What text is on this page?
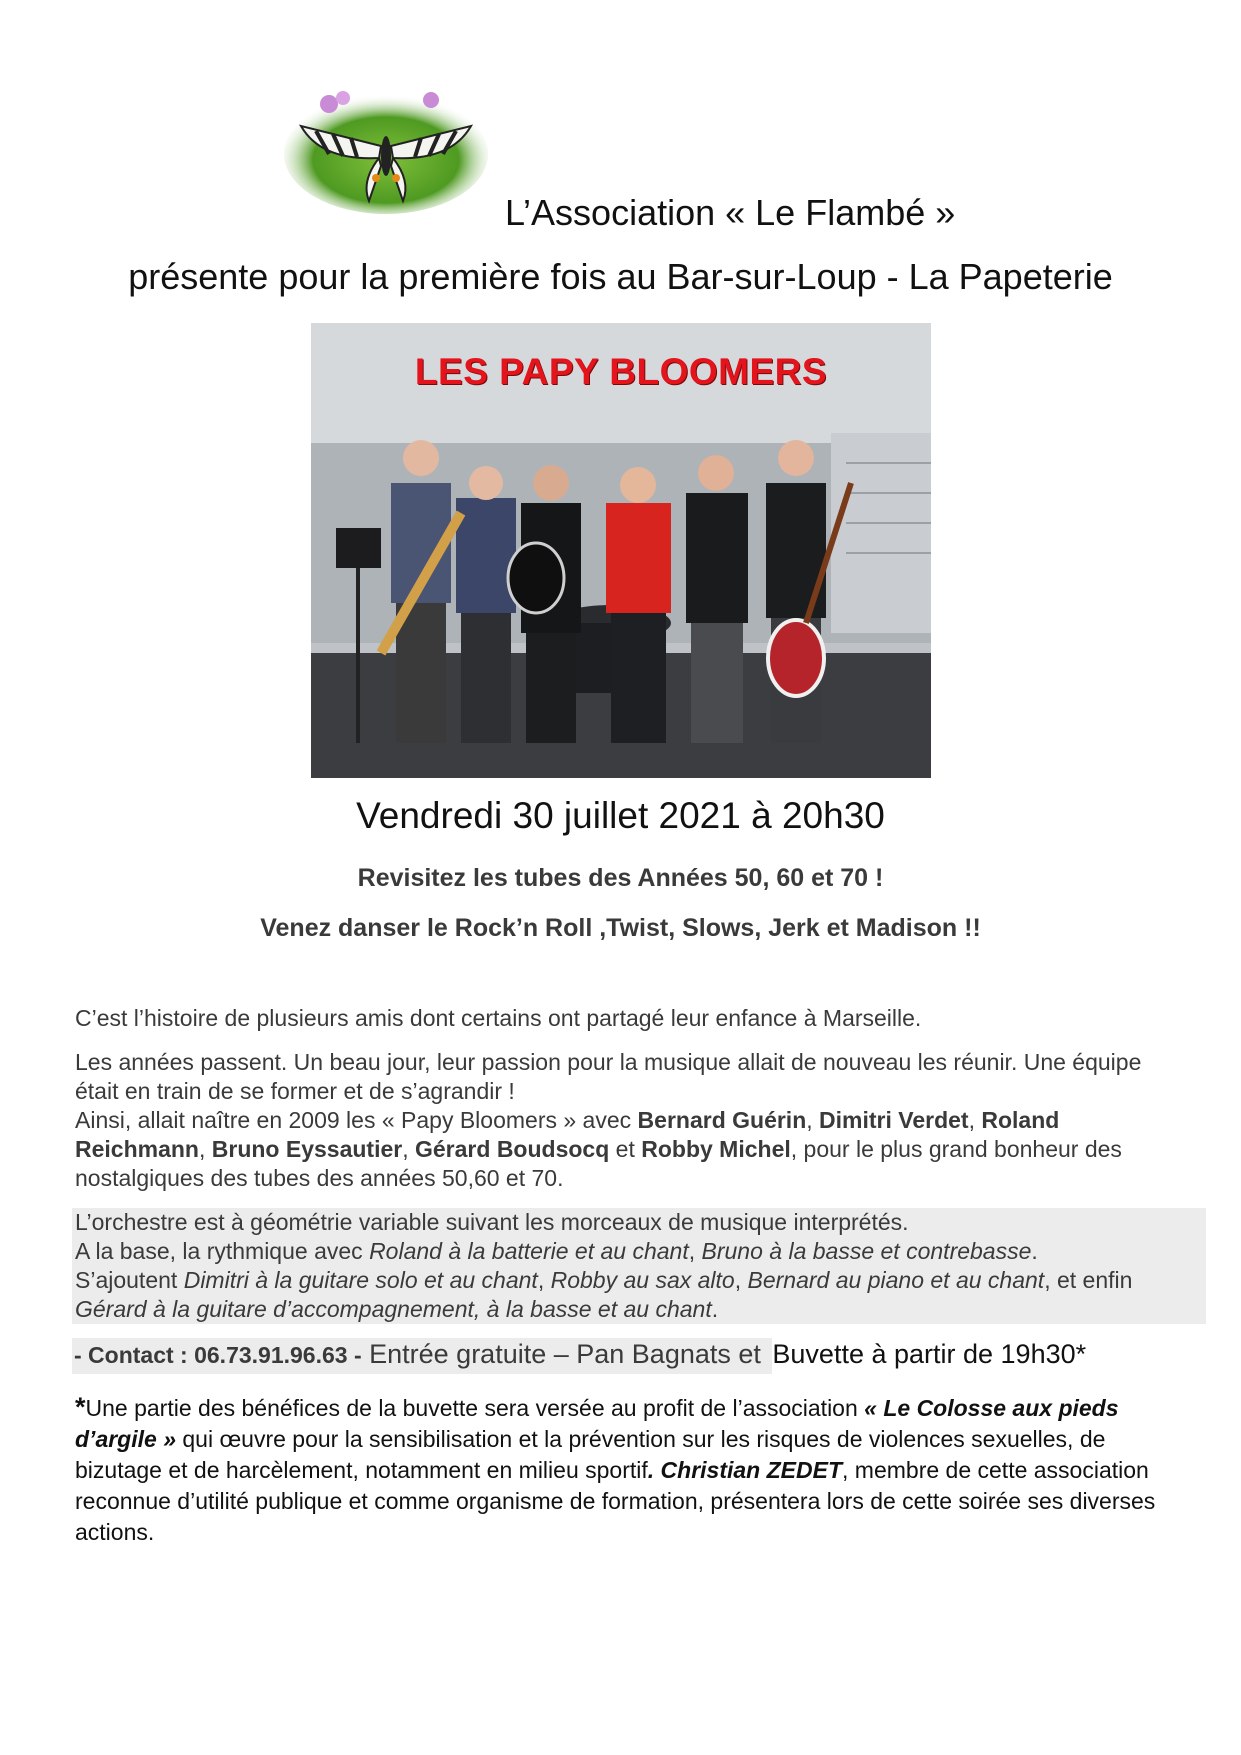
L’Association « Le Flambé »
présente pour la première fois au Bar-sur-Loup - La Papeterie
LES PAPY BLOOMERS
Vendredi 30 juillet 2021 à 20h30
Revisitez les tubes des Années 50, 60 et 70 !
Venez danser le Rock’n Roll ,Twist, Slows, Jerk et Madison !!
C’est l’histoire de plusieurs amis dont certains ont partagé leur enfance à Marseille.
Les années passent. Un beau jour, leur passion pour la musique allait de nouveau les réunir. Une équipe était en train de se former et de s’agrandir !
Ainsi, allait naître en 2009 les « Papy Bloomers » avec Bernard Guérin, Dimitri Verdet, Roland Reichmann, Bruno Eyssautier, Gérard Boudsocq et Robby Michel, pour le plus grand bonheur des nostalgiques des tubes des années 50,60 et 70.
L’orchestre est à géométrie variable suivant les morceaux de musique interprétés.
A la base, la rythmique avec Roland à la batterie et au chant, Bruno à la basse et contrebasse.
S’ajoutent Dimitri à la guitare solo et au chant, Robby au sax alto, Bernard au piano et au chant, et enfin Gérard à la guitare d’accompagnement, à la basse et au chant.
- Contact : 06.73.91.96.63 - Entrée gratuite – Pan Bagnats et Buvette à partir de 19h30*
*Une partie des bénéfices de la buvette sera versée au profit de l’association « Le Colosse aux pieds d’argile » qui œuvre pour la sensibilisation et la prévention sur les risques de violences sexuelles, de bizutage et de harcèlement, notamment en milieu sportif. Christian ZEDET, membre de cette association reconnue d’utilité publique et comme organisme de formation, présentera lors de cette soirée ses diverses actions.
